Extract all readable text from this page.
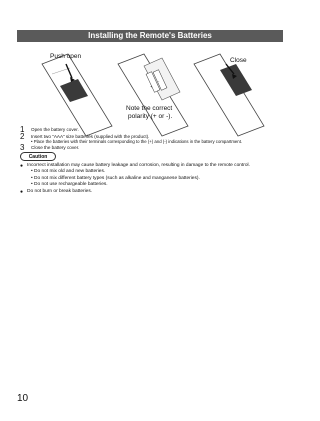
Installing the Remote's Batteries
Push open
+
-
Note the correct
polarity (+ or -).
Close
1	Open the battery cover.
2	Insert two "AAA" size batteries (supplied with the product).
• Place the batteries with their terminals corresponding to the (+) and (-) indications in the battery compartment.
3	Close the battery cover.
Caution
● Incorrect installation may cause battery leakage and corrosion, resulting in damage to the remote control.
• Do not mix old and new batteries.
• Do not mix different battery types (such as alkaline and manganese batteries).
• Do not use rechargeable batteries.
● Do not burn or break batteries.
10
